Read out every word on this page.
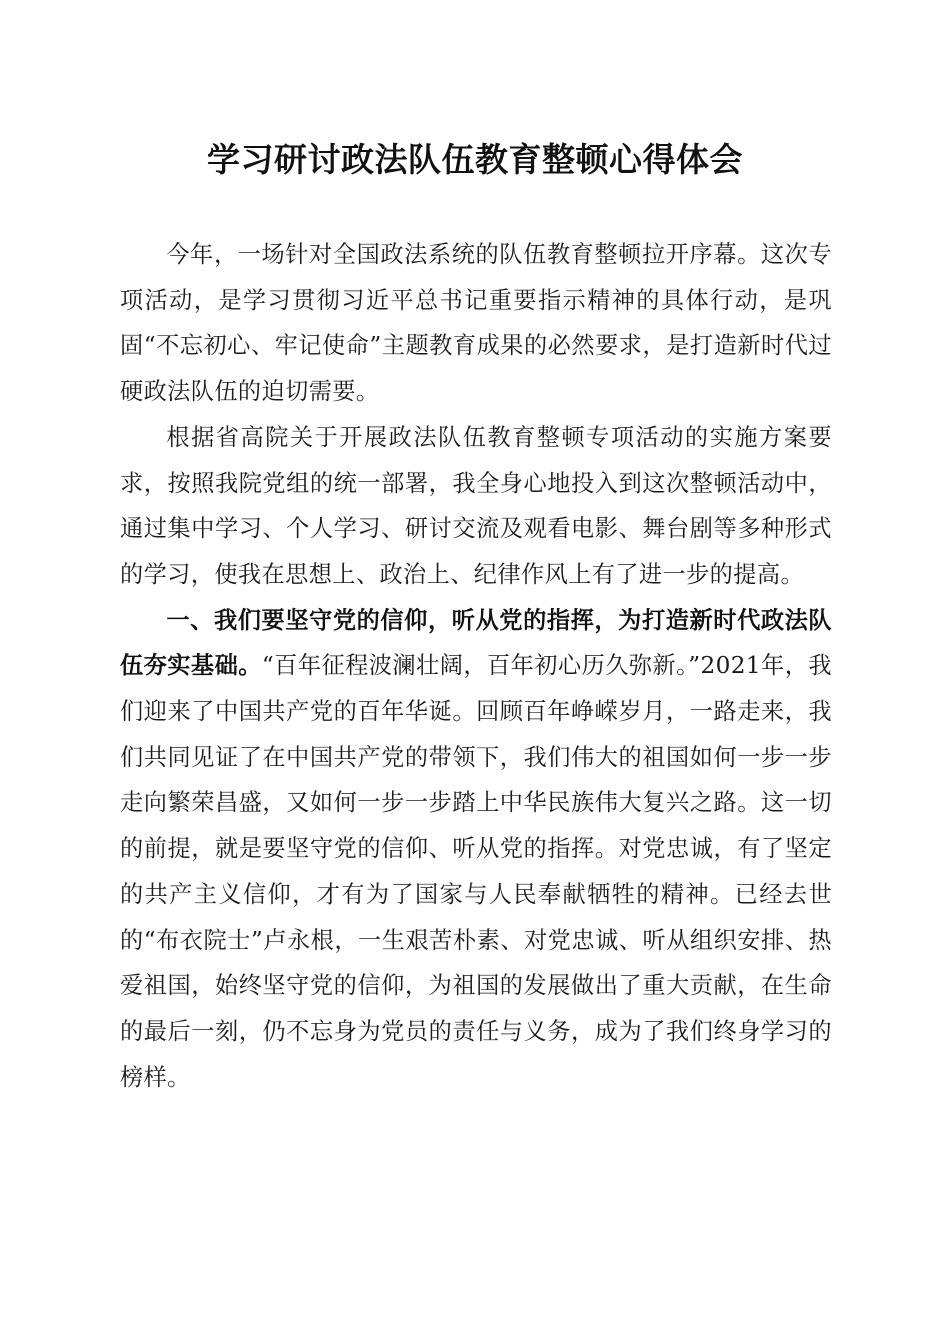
学习研讨政法队伍教育整顿心得体会

今年，一场针对全国政法系统的队伍教育整顿拉开序幕。这次专项活动，是学习贯彻习近平总书记重要指示精神的具体行动，是巩固“不忘初心、牢记使命”主题教育成果的必然要求，是打造新时代过硬政法队伍的迫切需要。

根据省高院关于开展政法队伍教育整顿专项活动的实施方案要求，按照我院党组的统一部署，我全身心地投入到这次整顿活动中，通过集中学习、个人学习、研讨交流及观看电影、舞台剧等多种形式的学习，使我在思想上、政治上、纪律作风上有了进一步的提高。

一、我们要坚守党的信仰，听从党的指挥，为打造新时代政法队伍夯实基础。“百年征程波澜壮阔，百年初心历久弥新。”2021年，我们迎来了中国共产党的百年华诞。回顾百年峥嵘岁月，一路走来，我们共同见证了在中国共产党的带领下，我们伟大的祖国如何一步一步走向繁荣昌盛，又如何一步一步踏上中华民族伟大复兴之路。这一切的前提，就是要坚守党的信仰、听从党的指挥。对党忠诚，有了坚定的共产主义信仰，才有为了国家与人民奉献牺牲的精神。已经去世的“布衣院士”卢永根，一生艰苦朴素、对党忠诚、听从组织安排、热爱祖国，始终坚守党的信仰，为祖国的发展做出了重大贡献，在生命的最后一刻，仍不忘身为党员的责任与义务，成为了我们终身学习的榜样。
